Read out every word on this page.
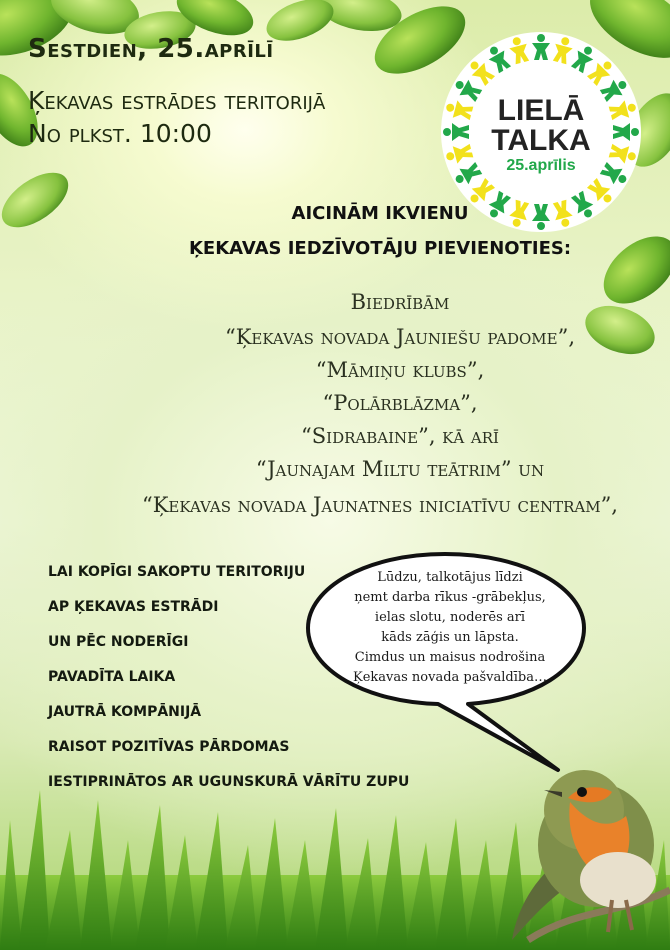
Sestdien, 25.aprīlī
Ķekavas estrādes teritorijā
No plkst. 10:00
LIELĀ
TALKA
25.aprīlis
AICINĀM IKVIENU
ĶEKAVAS IEDZĪVOTĀJU PIEVIENOTIES:
Biedrībām
“Ķekavas novada Jauniešu padome”,
“Māmiņu klubs”,
“Polārblāzma”,
“Sidrabaine”, kā arī
“Jaunajam Miltu teātrim” un
“Ķekavas novada Jaunatnes iniciatīvu centram”,
LAI KOPĪGI SAKOPTU TERITORIJU
AP ĶEKAVAS ESTRĀDI
UN PĒC NODERĪGI
PAVADĪTA LAIKA
JAUTRĀ KOMPĀNIJĀ
RAISOT POZITĪVAS PĀRDOMAS
IESTIPRINĀTOS AR UGUNSKURĀ VĀRĪTU ZUPU
Lūdzu, talkotājus līdzi
ņemt darba rīkus -grābekļus,
ielas slotu, noderēs arī
kāds zāģis un lāpsta.
Cimdus un maisus nodrošina
Ķekavas novada pašvaldība…
